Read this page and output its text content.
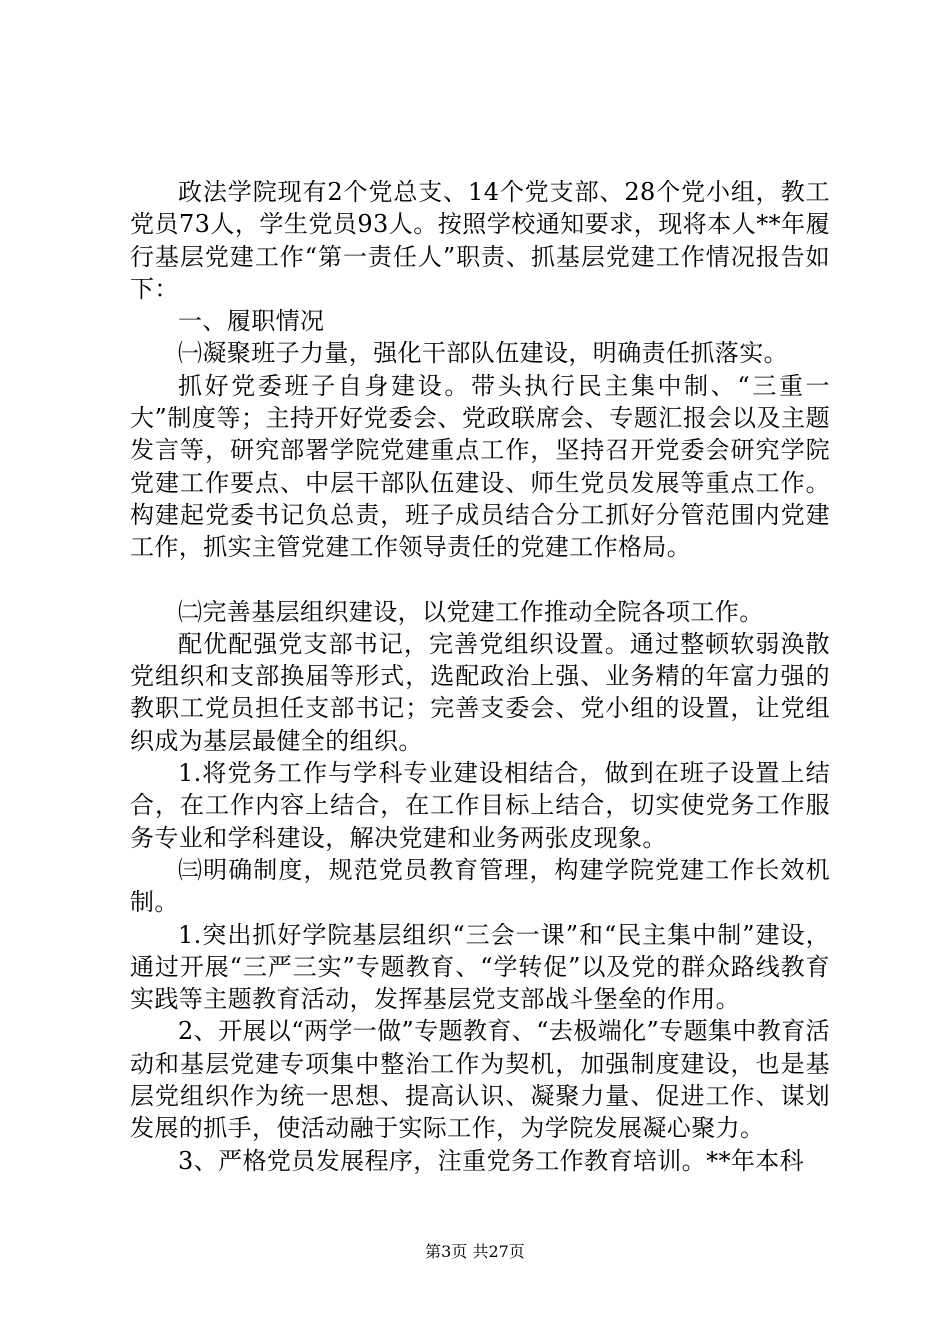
政法学院现有2个党总支、14个党支部、28个党小组，教工党员73人，学生党员93人。按照学校通知要求，现将本人**年履行基层党建工作“第一责任人”职责、抓基层党建工作情况报告如下：

一、履职情况

㈠凝聚班子力量，强化干部队伍建设，明确责任抓落实。

抓好党委班子自身建设。带头执行民主集中制、“三重一大”制度等；主持开好党委会、党政联席会、专题汇报会以及主题发言等，研究部署学院党建重点工作，坚持召开党委会研究学院党建工作要点、中层干部队伍建设、师生党员发展等重点工作。构建起党委书记负总责，班子成员结合分工抓好分管范围内党建工作，抓实主管党建工作领导责任的党建工作格局。

㈡完善基层组织建设，以党建工作推动全院各项工作。

配优配强党支部书记，完善党组织设置。通过整顿软弱涣散党组织和支部换届等形式，选配政治上强、业务精的年富力强的教职工党员担任支部书记；完善支委会、党小组的设置，让党组织成为基层最健全的组织。

1.将党务工作与学科专业建设相结合，做到在班子设置上结合，在工作内容上结合，在工作目标上结合，切实使党务工作服务专业和学科建设，解决党建和业务两张皮现象。

㈢明确制度，规范党员教育管理，构建学院党建工作长效机制。

1.突出抓好学院基层组织“三会一课”和“民主集中制”建设，通过开展“三严三实”专题教育、“学转促”以及党的群众路线教育实践等主题教育活动，发挥基层党支部战斗堡垒的作用。

2、开展以“两学一做”专题教育、“去极端化”专题集中教育活动和基层党建专项集中整治工作为契机，加强制度建设，也是基层党组织作为统一思想、提高认识、凝聚力量、促进工作、谋划发展的抓手，使活动融于实际工作，为学院发展凝心聚力。

3、严格党员发展程序，注重党务工作教育培训。**年本科

第3页 共27页
